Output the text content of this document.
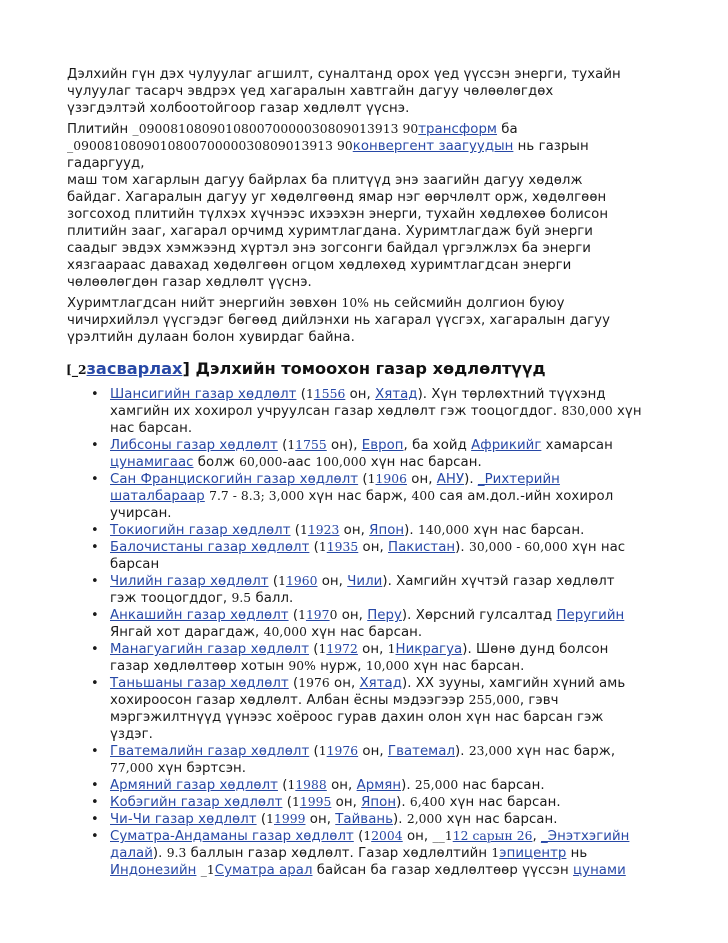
Дэлхийн гүн дэх чулуулаг агшилт, суналтанд орох үед үүссэн энерги, тухайн
чулуулаг тасарч эвдрэх үед хагаралын хавтгайн дагуу чөлөөлөгдөх
үзэгдэлтэй холбоотойгоор газар хөдлөлт үүснэ.

Плитийн _090081080901080070000030809013913 90трансформ ба
_090081080901080070000030809013913 90конвергент заагуудын нь газрын гадаргууд,
маш том хагарлын дагуу байрлах ба плитүүд энэ заагийн дагуу хөдөлж
байдаг. Хагаралын дагуу уг хөдөлгөөнд ямар нэг өөрчлөлт орж, хөдөлгөөн
зогсоход плитийн түлхэх хүчнээс ихээхэн энерги, тухайн хөдлөхөө болисон
плитийн зааг, хагарал орчимд хуримтлагдана. Хуримтлагдаж буй энерги
саадыг эвдэх хэмжээнд хүртэл энэ зогсонги байдал үргэлжлэх ба энерги
хязгаараас давахад хөдөлгөөн огцом хөдлөхөд хуримтлагдсан энерги
чөлөөлөгдөн газар хөдлөлт үүснэ.

Хуримтлагдсан нийт энергийн зөвхөн 10% нь сейсмийн долгион буюу
чичирхийлэл үүсгэдэг бөгөөд дийлэнхи нь хагарал үүсгэх, хагаралын дагуу
үрэлтийн дулаан болон хувирдаг байна.

[_2засварлах] Дэлхийн томоохон газар хөдлөлтүүд
• Шансигийн газар хөдлөлт (11556 он, Хятад). Хүн төрлөхтний түүхэнд
хамгийн их хохирол учруулсан газар хөдлөлт гэж тооцогддог. 830,000 хүн
нас барсан.
• Либсоны газар хөдлөлт (11755 он), Европ, ба хойд Африкийг хамарсан
цунамигаас болж 60,000-аас 100,000 хүн нас барсан.
• Сан Францискогийн газар хөдлөлт (11906 он, АНУ). _Рихтерийн
шаталбараар 7.7 - 8.3; 3,000 хүн нас барж, 400 сая ам.дол.-ийн хохирол
учирсан.
• Токиогийн газар хөдлөлт (11923 он, Япон). 140,000 хүн нас барсан.
• Балочистаны газар хөдлөлт (11935 он, Пакистан). 30,000 - 60,000 хүн нас
барсан
• Чилийн газар хөдлөлт (11960 он, Чили). Хамгийн хүчтэй газар хөдлөлт
гэж тооцогддог, 9.5 балл.
• Анкашийн газар хөдлөлт (11970 он, Перу). Хөрсний гулсалтад Перугийн
Янгай хот дарагдаж, 40,000 хүн нас барсан.
• Манагуагийн газар хөдлөлт (11972 он, 1Никрагуа). Шөнө дунд болсон
газар хөдлөлтөөр хотын 90% нурж, 10,000 хүн нас барсан.
• Таньшаны газар хөдлөлт (1976 он, Хятад). XX зууны, хамгийн хүний амь
хохироосон газар хөдлөлт. Албан ёсны мэдээгээр 255,000, гэвч
мэргэжилтнүүд үүнээс хоёроос гурав дахин олон хүн нас барсан гэж
үздэг.
• Гватемалийн газар хөдлөлт (11976 он, Гватемал). 23,000 хүн нас барж,
77,000 хүн бэртсэн.
• Армяний газар хөдлөлт (11988 он, Армян). 25,000 нас барсан.
• Кобэгийн газар хөдлөлт (11995 он, Япон). 6,400 хүн нас барсан.
• Чи-Чи газар хөдлөлт (11999 он, Тайвань). 2,000 хүн нас барсан.
• Суматра-Андаманы газар хөдлөлт (12004 он, __112 сарын 26, _Энэтхэгийн
далай). 9.3 баллын газар хөдлөлт. Газар хөдлөлтийн 1эпицентр нь
Индонезийн _1Суматра арал байсан ба газар хөдлөлтөөр үүссэн цунами
